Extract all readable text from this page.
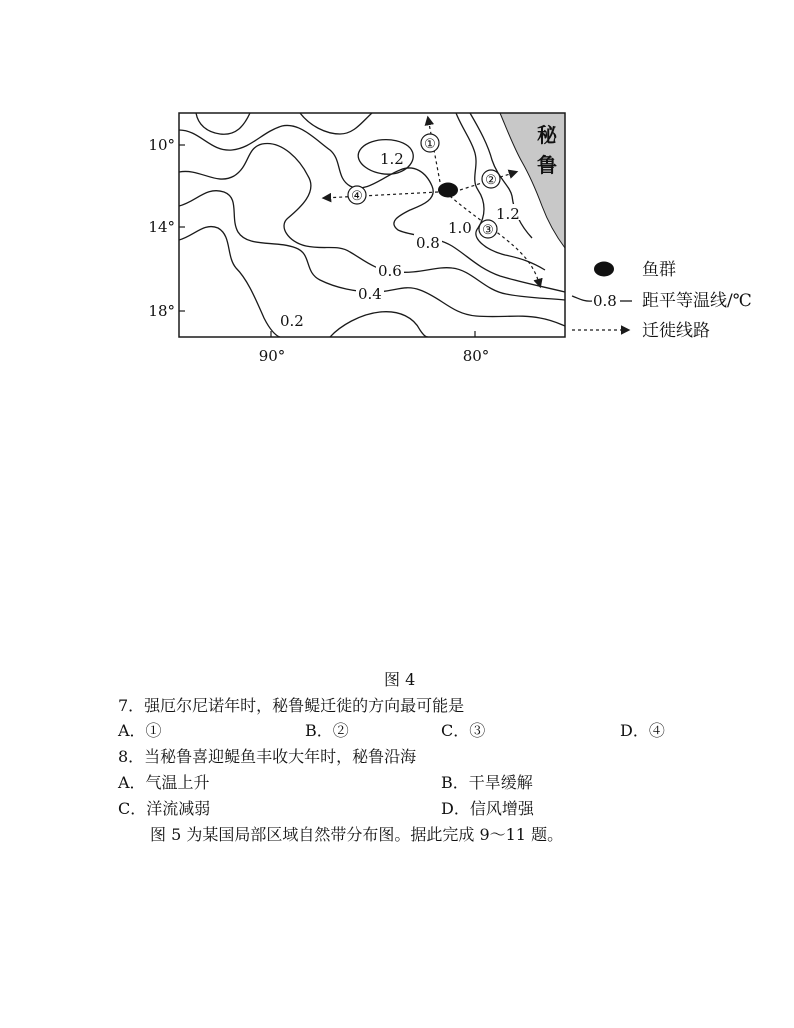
①
②
③
④
1.2
1.2
1.0
0.8
0.6
0.4
0.2
秘
鲁
10°
14°
18°
90°	80°
鱼群
0.8 距平等温线/℃
迁徙线路
图 4
7．强厄尔尼诺年时，秘鲁鳀迁徙的方向最可能是
A．①	B．②	C．③	D．④
8．当秘鲁喜迎鳀鱼丰收大年时，秘鲁沿海
A．气温上升	B．干旱缓解
C．洋流减弱	D．信风增强
图 5 为某国局部区域自然带分布图。据此完成 9～11 题。
